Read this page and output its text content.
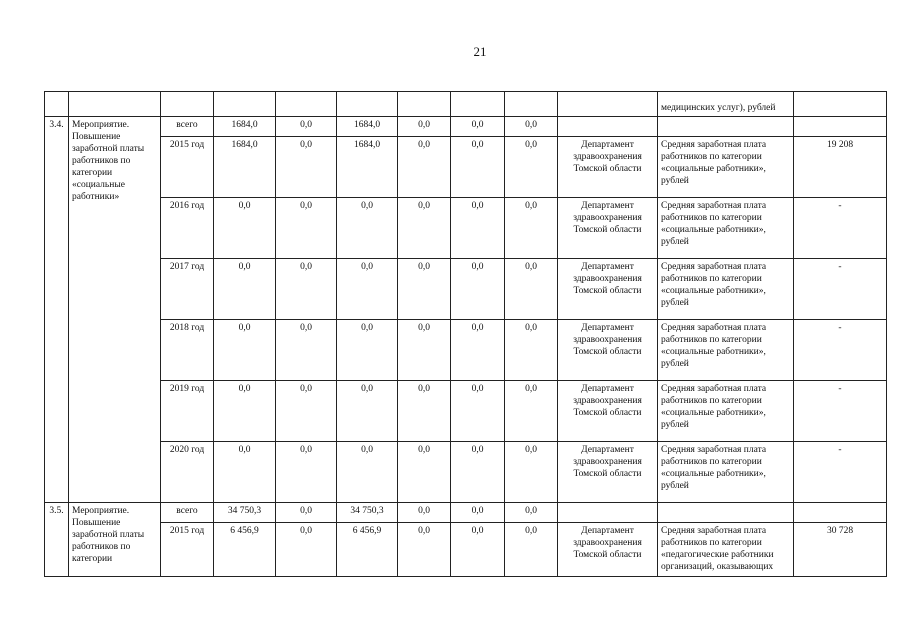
21
										медицинских услуг), рублей	
3.4.	Мероприятие. Повышение заработной платы работников по категории «социальные работники»	всего	1684,0	0,0	1684,0	0,0	0,0	0,0			
		2015 год	1684,0	0,0	1684,0	0,0	0,0	0,0	Департамент здравоохранения Томской области	Средняя заработная плата работников по категории «социальные работники», рублей	19 208
		2016 год	0,0	0,0	0,0	0,0	0,0	0,0	Департамент здравоохранения Томской области	Средняя заработная плата работников по категории «социальные работники», рублей	-
		2017 год	0,0	0,0	0,0	0,0	0,0	0,0	Департамент здравоохранения Томской области	Средняя заработная плата работников по категории «социальные работники», рублей	-
		2018 год	0,0	0,0	0,0	0,0	0,0	0,0	Департамент здравоохранения Томской области	Средняя заработная плата работников по категории «социальные работники», рублей	-
		2019 год	0,0	0,0	0,0	0,0	0,0	0,0	Департамент здравоохранения Томской области	Средняя заработная плата работников по категории «социальные работники», рублей	-
		2020 год	0,0	0,0	0,0	0,0	0,0	0,0	Департамент здравоохранения Томской области	Средняя заработная плата работников по категории «социальные работники», рублей	-
3.5.	Мероприятие. Повышение заработной платы работников по категории	всего	34 750,3	0,0	34 750,3	0,0	0,0	0,0			
		2015 год	6 456,9	0,0	6 456,9	0,0	0,0	0,0	Департамент здравоохранения Томской области	Средняя заработная плата работников по категории «педагогические работники организаций, оказывающих	30 728
